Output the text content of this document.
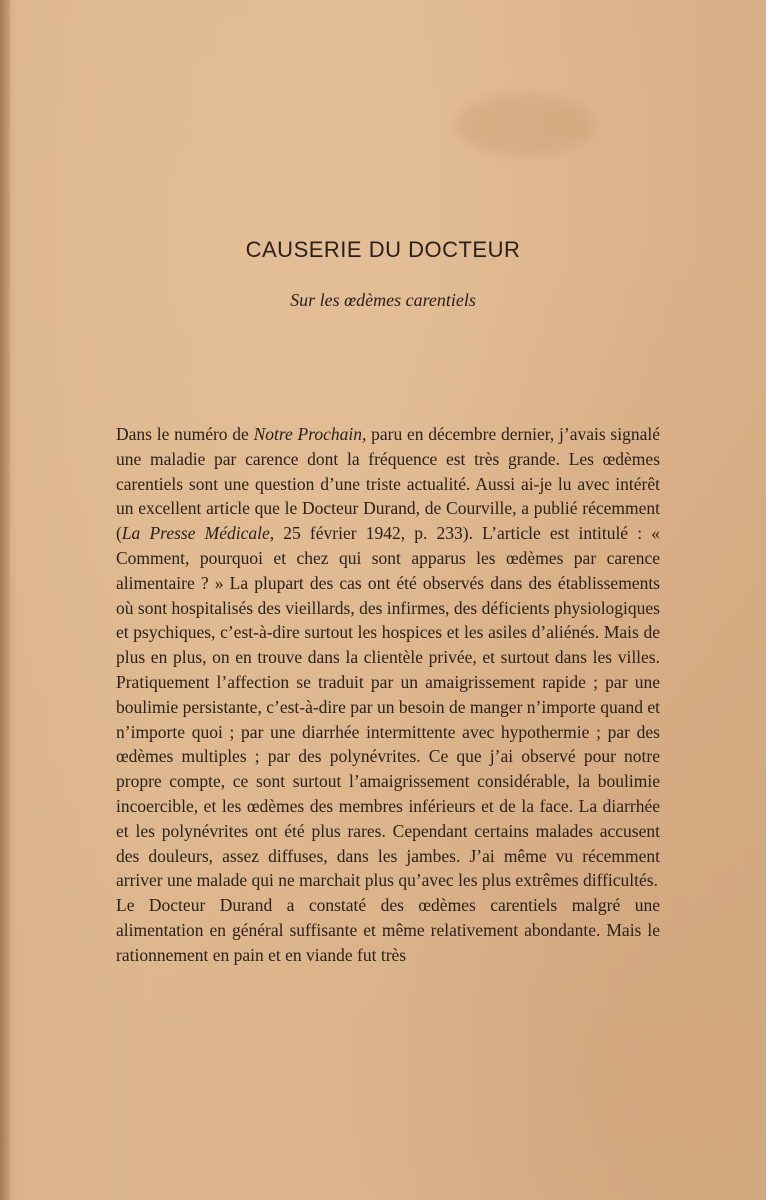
CAUSERIE DU DOCTEUR

Sur les œdèmes carentiels

Dans le numéro de Notre Prochain, paru en décembre dernier, j’avais signalé une maladie par carence dont la fréquence est très grande. Les œdèmes carentiels sont une question d’une triste actualité. Aussi ai-je lu avec intérêt un excellent article que le Docteur Durand, de Courville, a publié récemment (La Presse Médicale, 25 février 1942, p. 233). L’article est intitulé : « Comment, pourquoi et chez qui sont apparus les œdèmes par carence alimentaire ? » La plupart des cas ont été observés dans des établissements où sont hospitalisés des vieillards, des infirmes, des déficients physiologiques et psychiques, c’est-à-dire surtout les hospices et les asiles d’aliénés. Mais de plus en plus, on en trouve dans la clientèle privée, et surtout dans les villes. Pratiquement l’affection se traduit par un amaigrissement rapide ; par une boulimie persistante, c’est-à-dire par un besoin de manger n’importe quand et n’importe quoi ; par une diarrhée intermittente avec hypothermie ; par des œdèmes multiples ; par des polynévrites. Ce que j’ai observé pour notre propre compte, ce sont surtout l’amaigrissement considérable, la boulimie incoercible, et les œdèmes des membres inférieurs et de la face. La diarrhée et les polynévrites ont été plus rares. Cependant certains malades accusent des douleurs, assez diffuses, dans les jambes. J’ai même vu récemment arriver une malade qui ne marchait plus qu’avec les plus extrêmes difficultés.

Le Docteur Durand a constaté des œdèmes carentiels malgré une alimentation en général suffisante et même relativement abondante. Mais le rationnement en pain et en viande fut très
